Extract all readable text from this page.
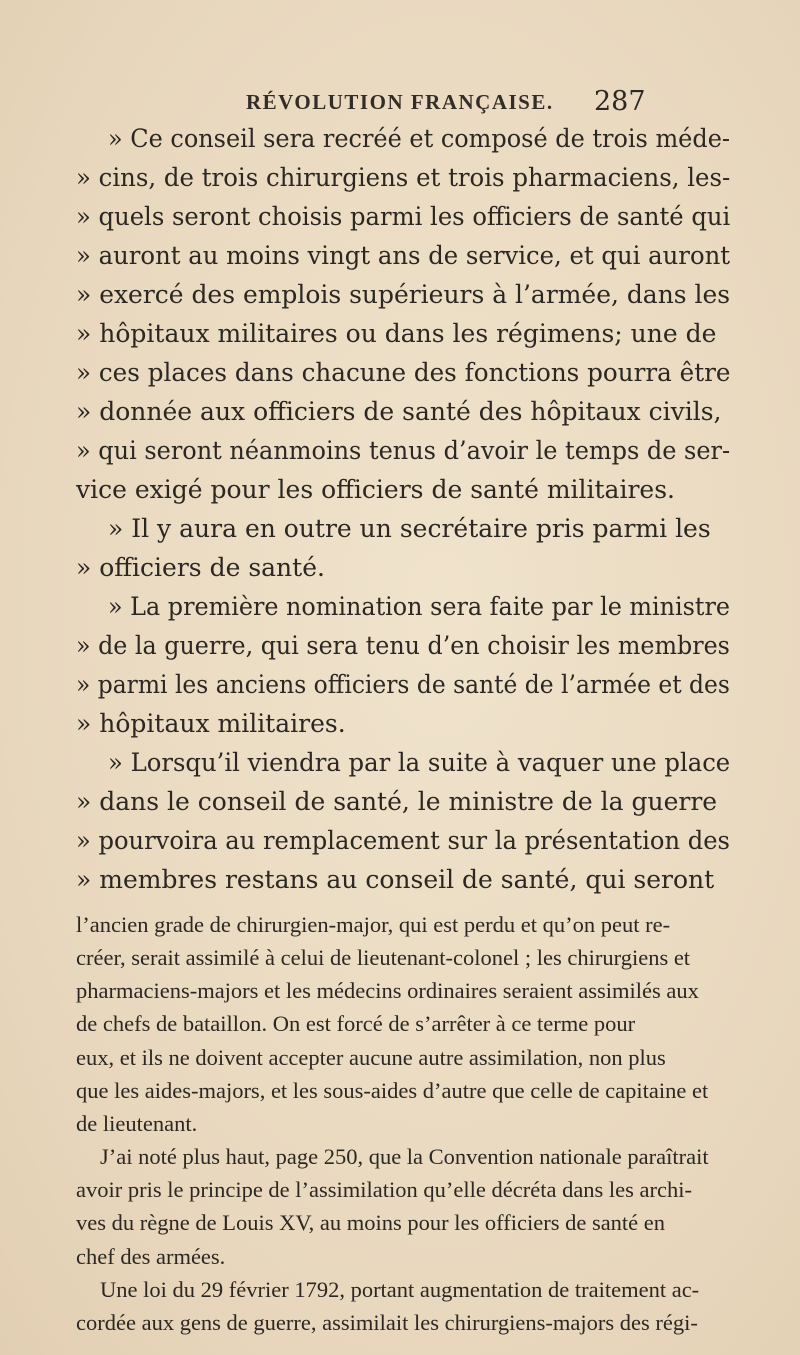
RÉVOLUTION FRANÇAISE. 287
» Ce conseil sera recréé et composé de trois méde-
» cins, de trois chirurgiens et trois pharmaciens, les-
» quels seront choisis parmi les officiers de santé qui
» auront au moins vingt ans de service, et qui auront
» exercé des emplois supérieurs à l’armée, dans les
» hôpitaux militaires ou dans les régimens; une de
» ces places dans chacune des fonctions pourra être
» donnée aux officiers de santé des hôpitaux civils,
» qui seront néanmoins tenus d’avoir le temps de ser-
vice exigé pour les officiers de santé militaires.
» Il y aura en outre un secrétaire pris parmi les
» officiers de santé.
» La première nomination sera faite par le ministre
» de la guerre, qui sera tenu d’en choisir les membres
» parmi les anciens officiers de santé de l’armée et des
» hôpitaux militaires.
» Lorsqu’il viendra par la suite à vaquer une place
» dans le conseil de santé, le ministre de la guerre
» pourvoira au remplacement sur la présentation des
» membres restans au conseil de santé, qui seront
l’ancien grade de chirurgien-major, qui est perdu et qu’on peut re-
créer, serait assimilé à celui de lieutenant-colonel ; les chirurgiens et
pharmaciens-majors et les médecins ordinaires seraient assimilés aux
de chefs de bataillon. On est forcé de s’arrêter à ce terme pour
eux, et ils ne doivent accepter aucune autre assimilation, non plus
que les aides-majors, et les sous-aides d’autre que celle de capitaine et
de lieutenant.
J’ai noté plus haut, page 250, que la Convention nationale paraîtrait
avoir pris le principe de l’assimilation qu’elle décréta dans les archi-
ves du règne de Louis XV, au moins pour les officiers de santé en
chef des armées.
Une loi du 29 février 1792, portant augmentation de traitement ac-
cordée aux gens de guerre, assimilait les chirurgiens-majors des régi-
